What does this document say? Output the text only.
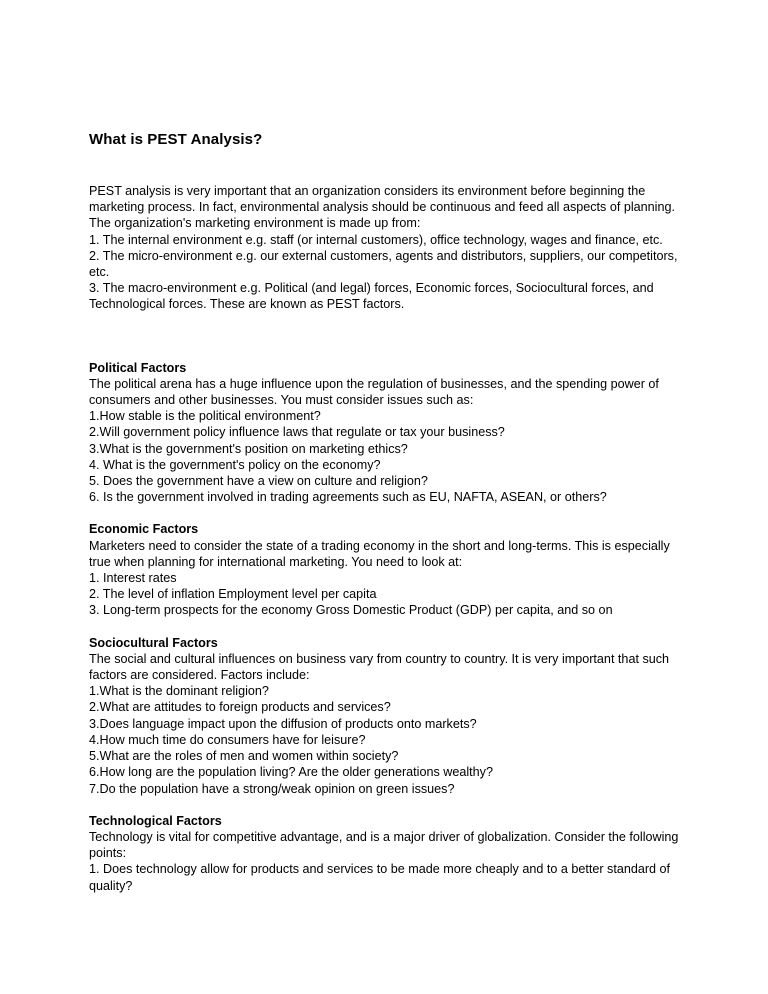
What is PEST Analysis?

PEST analysis is very important that an organization considers its environment before beginning the marketing process. In fact, environmental analysis should be continuous and feed all aspects of planning. The organization's marketing environment is made up from:

1. The internal environment e.g. staff (or internal customers), office technology, wages and finance, etc.
2. The micro-environment e.g. our external customers, agents and distributors, suppliers, our competitors, etc.
3. The macro-environment e.g. Political (and legal) forces, Economic forces, Sociocultural forces, and Technological forces. These are known as PEST factors.
Political Factors

The political arena has a huge influence upon the regulation of businesses, and the spending power of consumers and other businesses. You must consider issues such as:

1.How stable is the political environment?
2.Will government policy influence laws that regulate or tax your business?
3.What is the government's position on marketing ethics?
4. What is the government's policy on the economy?
5. Does the government have a view on culture and religion?
6. Is the government involved in trading agreements such as EU, NAFTA, ASEAN, or others?
Economic Factors

Marketers need to consider the state of a trading economy in the short and long-terms. This is especially true when planning for international marketing. You need to look at:

1. Interest rates
2. The level of inflation Employment level per capita
3. Long-term prospects for the economy Gross Domestic Product (GDP) per capita, and so on
Sociocultural Factors

The social and cultural influences on business vary from country to country. It is very important that such factors are considered. Factors include:

1.What is the dominant religion?
2.What are attitudes to foreign products and services?
3.Does language impact upon the diffusion of products onto markets?
4.How much time do consumers have for leisure?
5.What are the roles of men and women within society?
6.How long are the population living? Are the older generations wealthy?
7.Do the population have a strong/weak opinion on green issues?
Technological Factors

Technology is vital for competitive advantage, and is a major driver of globalization. Consider the following points:

1. Does technology allow for products and services to be made more cheaply and to a better standard of quality?
